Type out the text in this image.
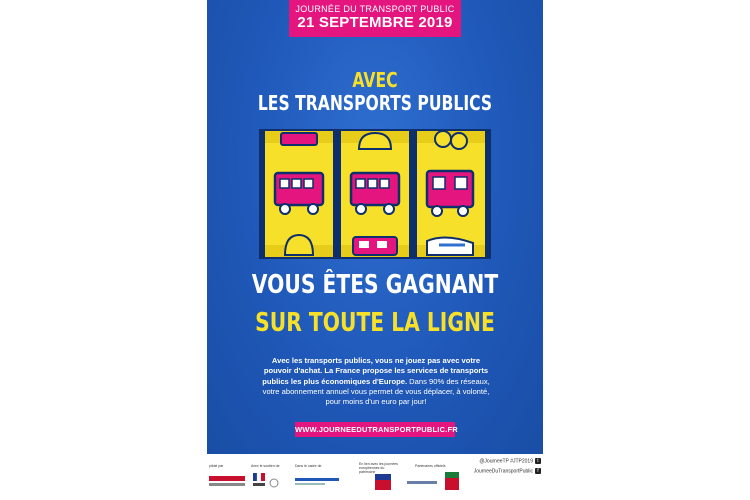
JOURNÉE DU TRANSPORT PUBLIC
21 SEPTEMBRE 2019
AVEC
LES TRANSPORTS PUBLICS
VOUS ÊTES GAGNANT
SUR TOUTE LA LIGNE
Avec les transports publics, vous ne jouez pas avec votre pouvoir d'achat. La France propose les services de transports publics les plus économiques d'Europe. Dans 90% des réseaux, votre abonnement annuel vous permet de vous déplacer, à volonté, pour moins d'un euro par jour!
WWW.JOURNEEDUTRANSPORTPUBLIC.FR
piloté par	Avec le soutien de	Dans le cadre de	En lien avec les journées européennes du patrimoine
Partenaires officiels
@JourneeTP #JTP2019 t
JourneeDuTransportPublic f
